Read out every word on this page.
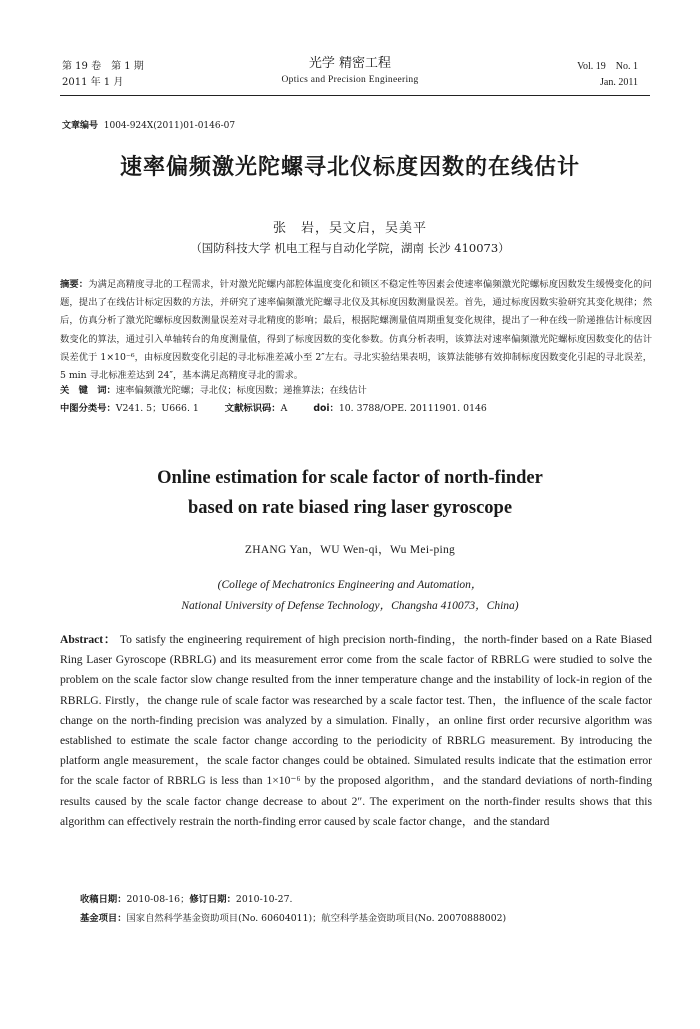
第 19 卷　第 1 期
2011 年 1 月
光学 精密工程
Optics and Precision Engineering
Vol. 19　No. 1
Jan. 2011
文章编号 1004-924X(2011)01-0146-07
速率偏频激光陀螺寻北仪标度因数的在线估计
张　岩，吴文启，吴美平
（国防科技大学 机电工程与自动化学院，湖南 长沙 410073）
摘要：为满足高精度寻北的工程需求，针对激光陀螺内部腔体温度变化和锁区不稳定性等因素会使速率偏频激光陀螺标度因数发生缓慢变化的问题，提出了在线估计标定因数的方法，并研究了速率偏频激光陀螺寻北仪及其标度因数测量误差。首先，通过标度因数实验研究其变化规律；然后，仿真分析了激光陀螺标度因数测量误差对寻北精度的影响；最后，根据陀螺测量值周期重复变化规律，提出了一种在线一阶递推估计标度因数变化的算法，通过引入单轴转台的角度测量值，得到了标度因数的变化参数。仿真分析表明，该算法对速率偏频激光陀螺标度因数变化的估计误差优于 1×10⁻⁶，由标度因数变化引起的寻北标准差减小至 2″左右。寻北实验结果表明，该算法能够有效抑制标度因数变化引起的寻北误差，5 min 寻北标准差达到 24″，基本满足高精度寻北的需求。
关　键　词：速率偏频激光陀螺；寻北仪；标度因数；递推算法；在线估计
中图分类号：V241. 5；U666. 1	文献标识码：A	doi：10. 3788/OPE. 20111901. 0146
Online estimation for scale factor of north-finder
based on rate biased ring laser gyroscope
ZHANG Yan，WU Wen-qi，Wu Mei-ping
(College of Mechatronics Engineering and Automation，
National University of Defense Technology，Changsha 410073，China)
Abstract： To satisfy the engineering requirement of high precision north-finding，the north-finder based on a Rate Biased Ring Laser Gyroscope (RBRLG) and its measurement error come from the scale factor of RBRLG were studied to solve the problem on the scale factor slow change resulted from the inner temperature change and the instability of lock-in region of the RBRLG. Firstly，the change rule of scale factor was researched by a scale factor test. Then，the influence of the scale factor change on the north-finding precision was analyzed by a simulation. Finally，an online first order recursive algorithm was established to estimate the scale factor change according to the periodicity of RBRLG measurement. By introducing the platform angle measurement，the scale factor changes could be obtained. Simulated results indicate that the estimation error for the scale factor of RBRLG is less than 1×10⁻⁶ by the proposed algorithm，and the standard deviations of north-finding results caused by the scale factor change decrease to about 2″. The experiment on the north-finder results shows that this algorithm can effectively restrain the north-finding error caused by scale factor change，and the standard
收稿日期：2010-08-16；修订日期：2010-10-27.
基金项目：国家自然科学基金资助项目(No. 60604011)；航空科学基金资助项目(No. 20070888002)
